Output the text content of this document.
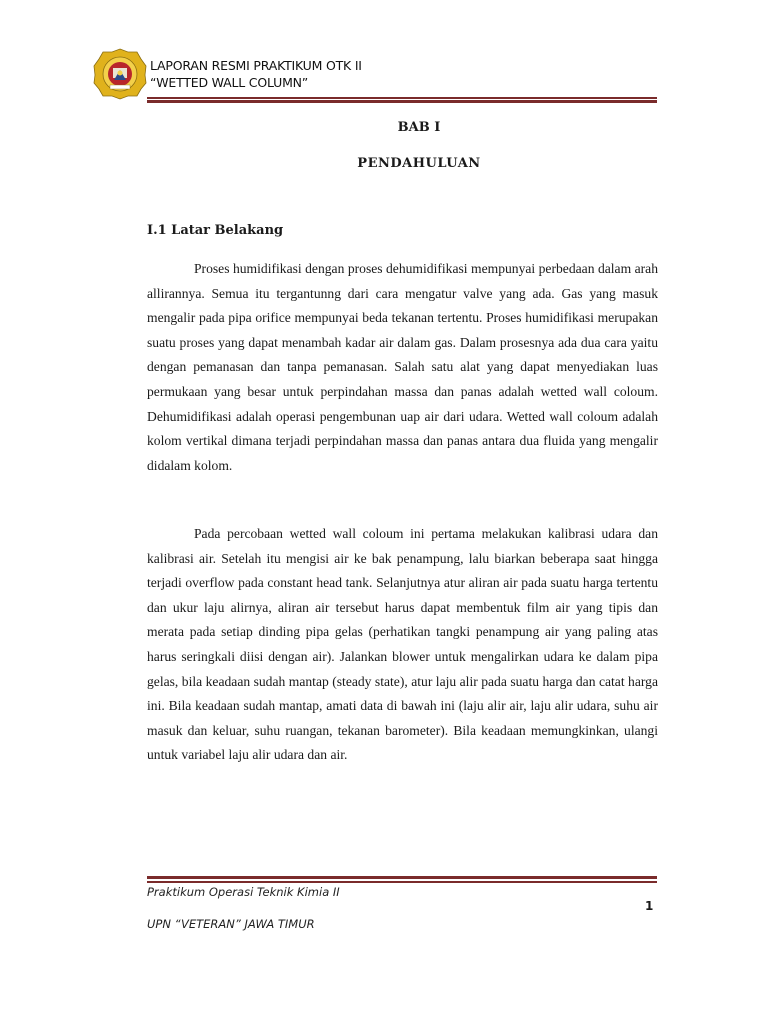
LAPORAN RESMI PRAKTIKUM OTK II
“WETTED WALL COLUMN”
BAB I
PENDAHULUAN
I.1 Latar Belakang

Proses humidifikasi dengan proses dehumidifikasi mempunyai perbedaan dalam arah allirannya. Semua itu tergantunng dari cara mengatur valve yang ada. Gas yang masuk mengalir pada pipa orifice mempunyai beda tekanan tertentu. Proses humidifikasi merupakan suatu proses yang dapat menambah kadar air dalam gas. Dalam prosesnya ada dua cara yaitu dengan pemanasan dan tanpa pemanasan. Salah satu alat yang dapat menyediakan luas permukaan yang besar untuk perpindahan massa dan panas adalah wetted wall coloum. Dehumidifikasi adalah operasi pengembunan uap air dari udara. Wetted wall coloum adalah kolom vertikal dimana terjadi perpindahan massa dan panas antara dua fluida yang mengalir didalam kolom.

Pada percobaan wetted wall coloum ini pertama melakukan kalibrasi udara dan kalibrasi air. Setelah itu mengisi air ke bak penampung, lalu biarkan beberapa saat hingga terjadi overflow pada constant head tank. Selanjutnya atur aliran air pada suatu harga tertentu dan ukur laju alirnya, aliran air tersebut harus dapat membentuk film air yang tipis dan merata pada setiap dinding pipa gelas (perhatikan tangki penampung air yang paling atas harus seringkali diisi dengan air). Jalankan blower untuk mengalirkan udara ke dalam pipa gelas, bila keadaan sudah mantap (steady state), atur laju alir pada suatu harga dan catat harga ini. Bila keadaan sudah mantap, amati data di bawah ini (laju alir air, laju alir udara, suhu air masuk dan keluar, suhu ruangan, tekanan barometer). Bila keadaan memungkinkan, ulangi untuk variabel laju alir udara dan air.

Praktikum Operasi Teknik Kimia II
1
UPN “VETERAN” JAWA TIMUR
